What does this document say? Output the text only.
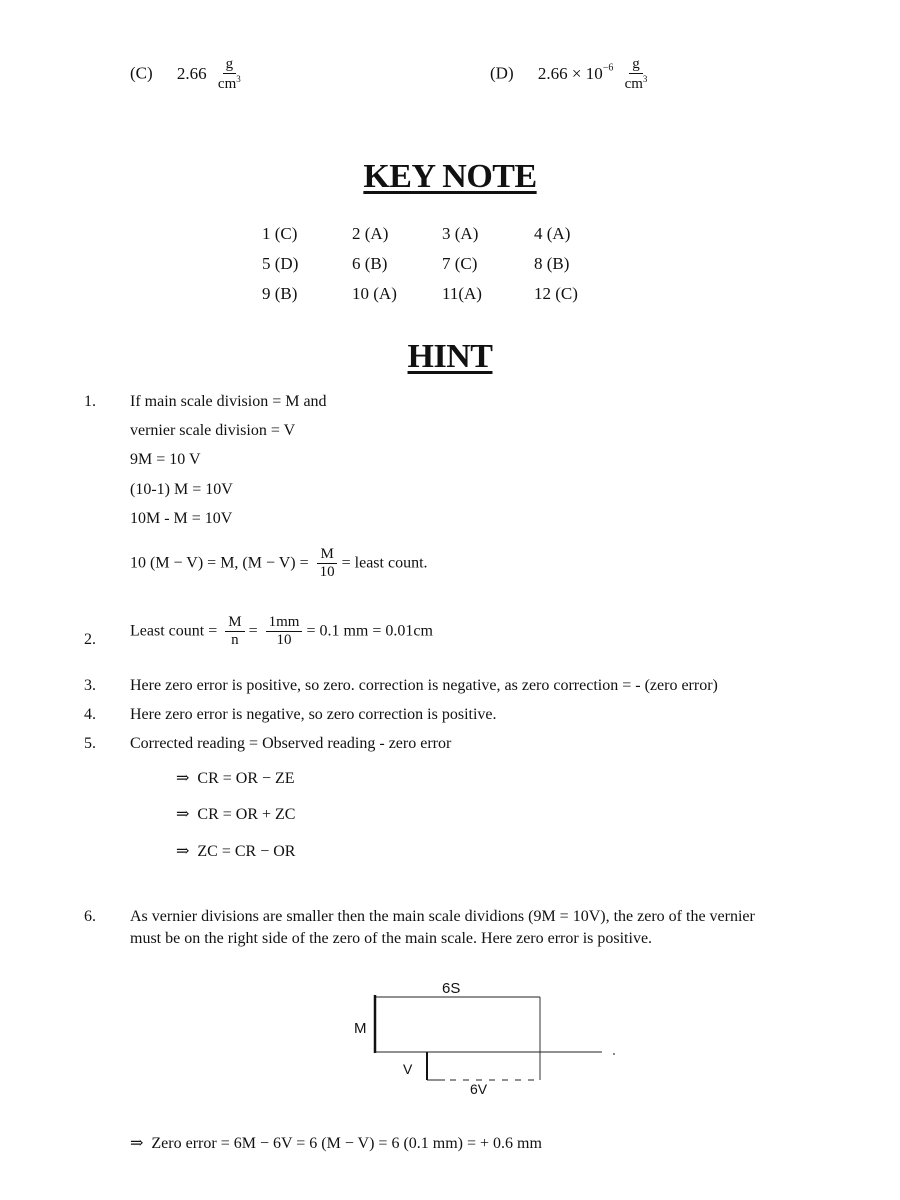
(C) $2.66 \frac{g}{cm^3}$	(D) $2.66 \times 10^{-6} \frac{g}{cm^3}$
KEY NOTE
1 (C)	2 (A)	3 (A)	4 (A)
5 (D)	6 (B)	7 (C)	8 (B)
9 (B)	10 (A)	11(A)	12 (C)
HINT
1. If main scale division = M and
vernier scale division = V
9M = 10 V
(10-1) M = 10V
10M - M = 10V
10 (M − V) = M, $(M - V) = \frac{M}{10}$ = least count.
2.
Least count = $\frac{M}{n} = \frac{1mm}{10} = 0.1$ mm = 0.01cm
3. Here zero error is positive, so zero. correction is negative, as zero correction = - (zero error)
4. Here zero error is negative, so zero correction is positive.
5. Corrected reading = Observed reading - zero error
⇒ CR = OR − ZE
⇒ CR = OR + ZC
⇒ ZC = CR − OR
6. As vernier divisions are smaller then the main scale dividions (9M = 10V), the zero of the vernier
must be on the right side of the zero of the main scale. Here zero error is positive.
6S
M
V
6V
⇒ Zero error = 6M − 6V = 6 (M − V) = 6 (0.1 mm) = + 0.6 mm
